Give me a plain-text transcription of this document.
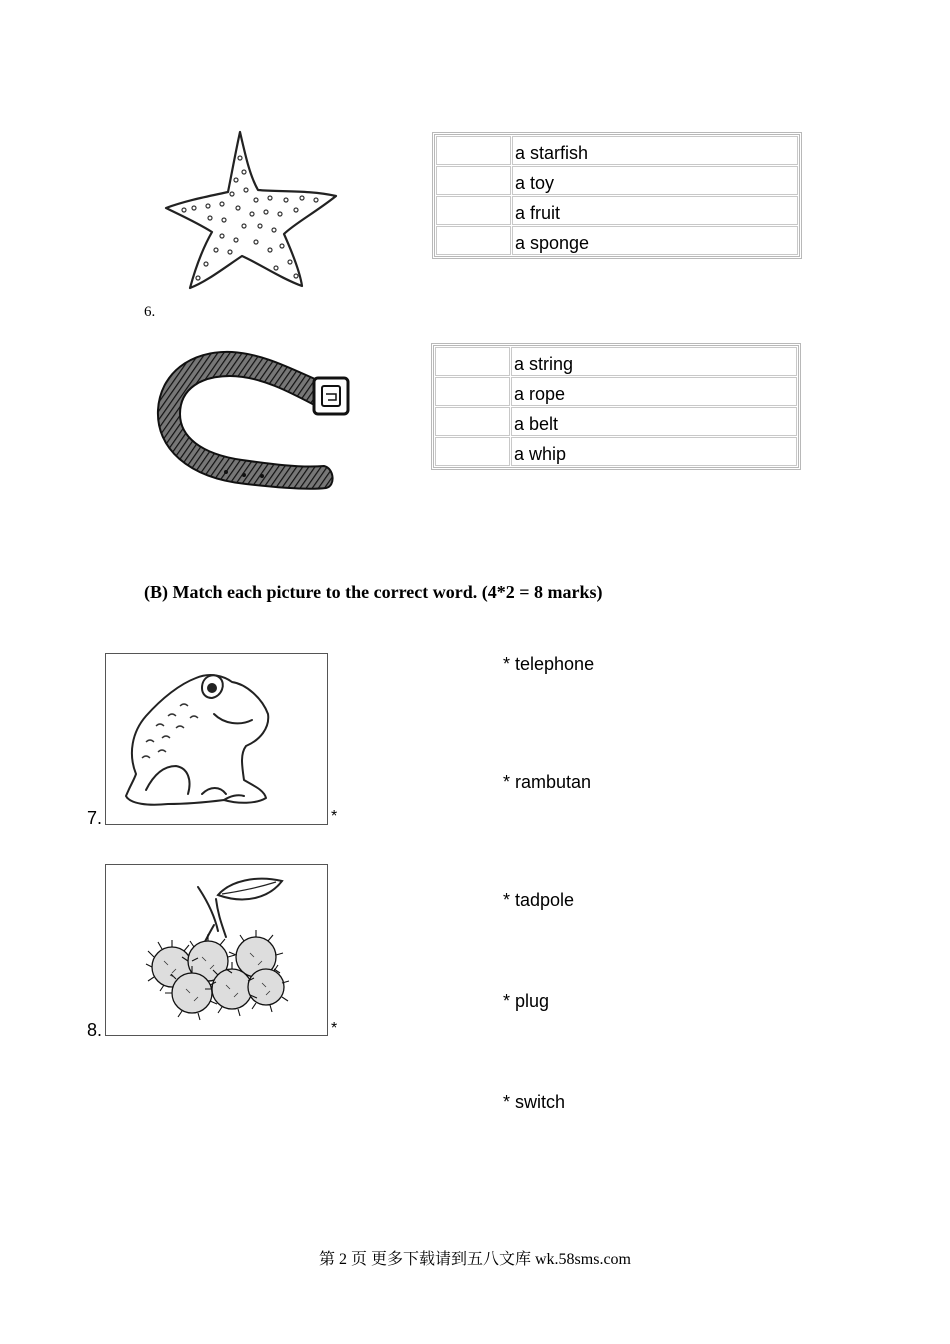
	a starfish
	a toy
	a fruit
	a sponge
6.
	a string
	a rope
	a belt
	a whip
(B) Match each picture to the correct word. (4*2 = 8 marks)
7.	*
8.	*
* telephone
* rambutan
* tadpole
* plug
* switch
第 2 页 更多下载请到五八文库 wk.58sms.com
